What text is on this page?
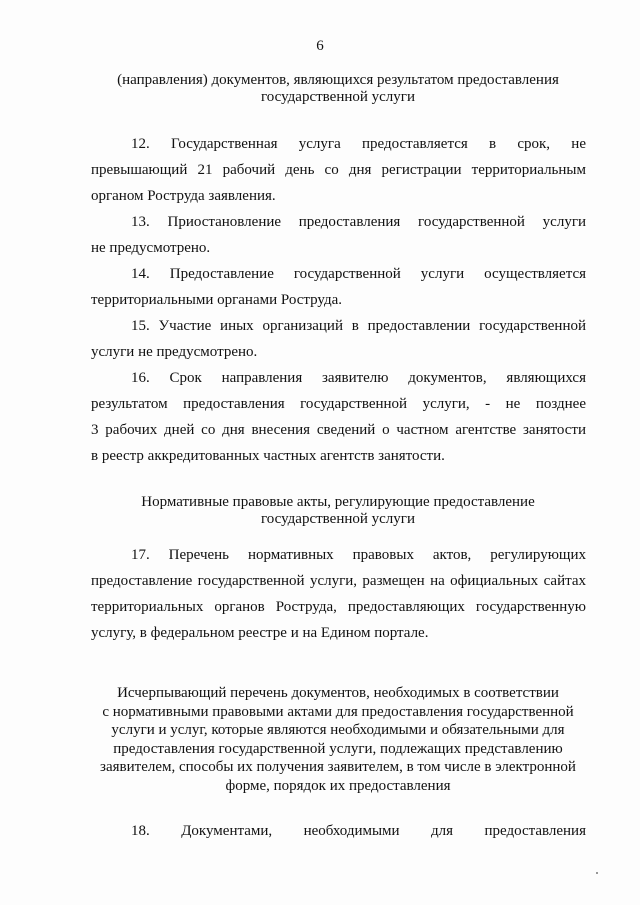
6
(направления) документов, являющихся результатом предоставления
государственной услуги
12. Государственная услуга предоставляется в срок, не
превышающий 21 рабочий день со дня регистрации территориальным
органом Роструда заявления.
13. Приостановление предоставления государственной услуги
не предусмотрено.
14. Предоставление государственной услуги осуществляется
территориальными органами Роструда.
15. Участие иных организаций в предоставлении государственной
услуги не предусмотрено.
16. Срок направления заявителю документов, являющихся
результатом предоставления государственной услуги, - не позднее
3 рабочих дней со дня внесения сведений о частном агентстве занятости
в реестр аккредитованных частных агентств занятости.
Нормативные правовые акты, регулирующие предоставление
государственной услуги
17. Перечень нормативных правовых актов, регулирующих
предоставление государственной услуги, размещен на официальных сайтах
территориальных органов Роструда, предоставляющих государственную
услугу, в федеральном реестре и на Едином портале.
Исчерпывающий перечень документов, необходимых в соответствии
с нормативными правовыми актами для предоставления государственной
услуги и услуг, которые являются необходимыми и обязательными для
предоставления государственной услуги, подлежащих представлению
заявителем, способы их получения заявителем, в том числе в электронной
форме, порядок их предоставления
18. Документами, необходимыми для предоставления
